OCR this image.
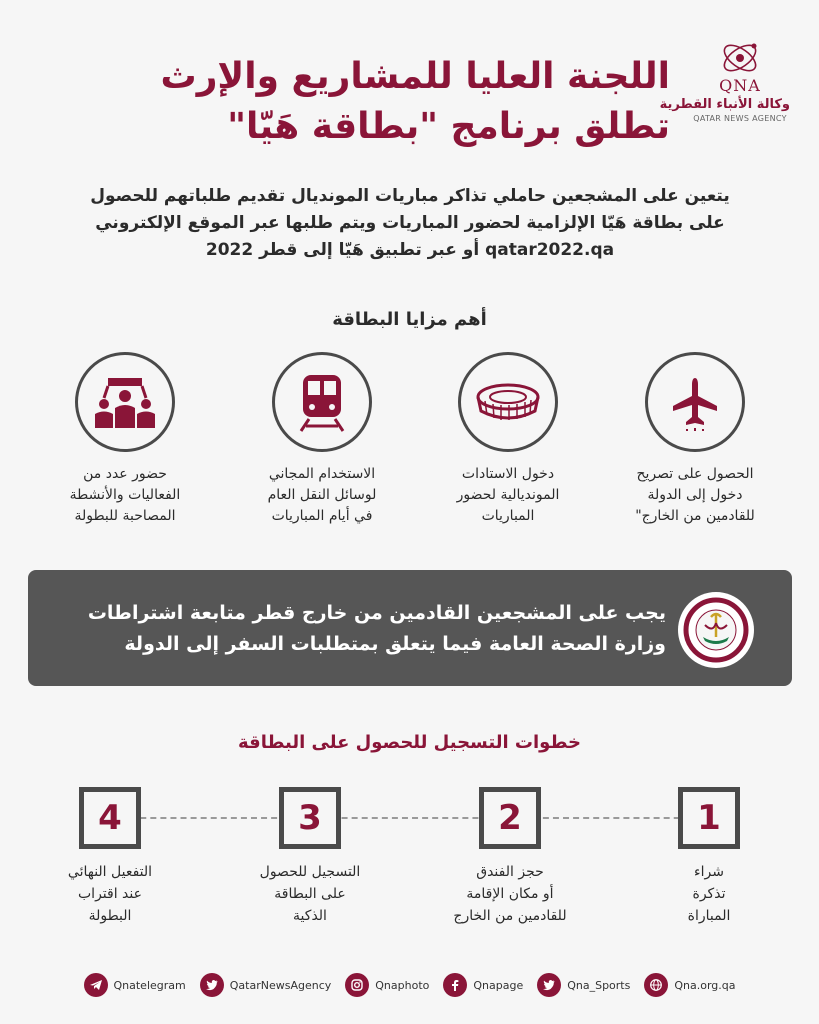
QNA
وكالة الأنباء القطرية
QATAR NEWS AGENCY
اللجنة العليا للمشاريع والإرث
تطلق برنامج "بطاقة هَيّا"

يتعين على المشجعين حاملي تذاكر مباريات المونديال تقديم طلباتهم للحصول

على بطاقة هَيّا الإلزامية لحضور المباريات ويتم طلبها عبر الموقع الإلكتروني

qatar2022.qa أو عبر تطبيق هَيّا إلى قطر 2022

أهم مزايا البطاقة
الحصول على تصريح
دخول إلى الدولة
للقادمين من الخارج"
دخول الاستادات
المونديالية لحضور
المباريات
الاستخدام المجاني
لوسائل النقل العام
في أيام المباريات
حضور عدد من
الفعاليات والأنشطة
المصاحبة للبطولة
يجب على المشجعين القادمين من خارج قطر متابعة اشتراطات
وزارة الصحة العامة فيما يتعلق بمتطلبات السفر إلى الدولة
خطوات التسجيل للحصول على البطاقة
1
شراء
تذكرة
المباراة
2
حجز الفندق
أو مكان الإقامة
للقادمين من الخارج
3
التسجيل للحصول
على البطاقة
الذكية
4
التفعيل النهائي
عند اقتراب
البطولة
Qnatelegram	QatarNewsAgency	Qnaphoto	Qnapage	Qna_Sports	Qna.org.qa
